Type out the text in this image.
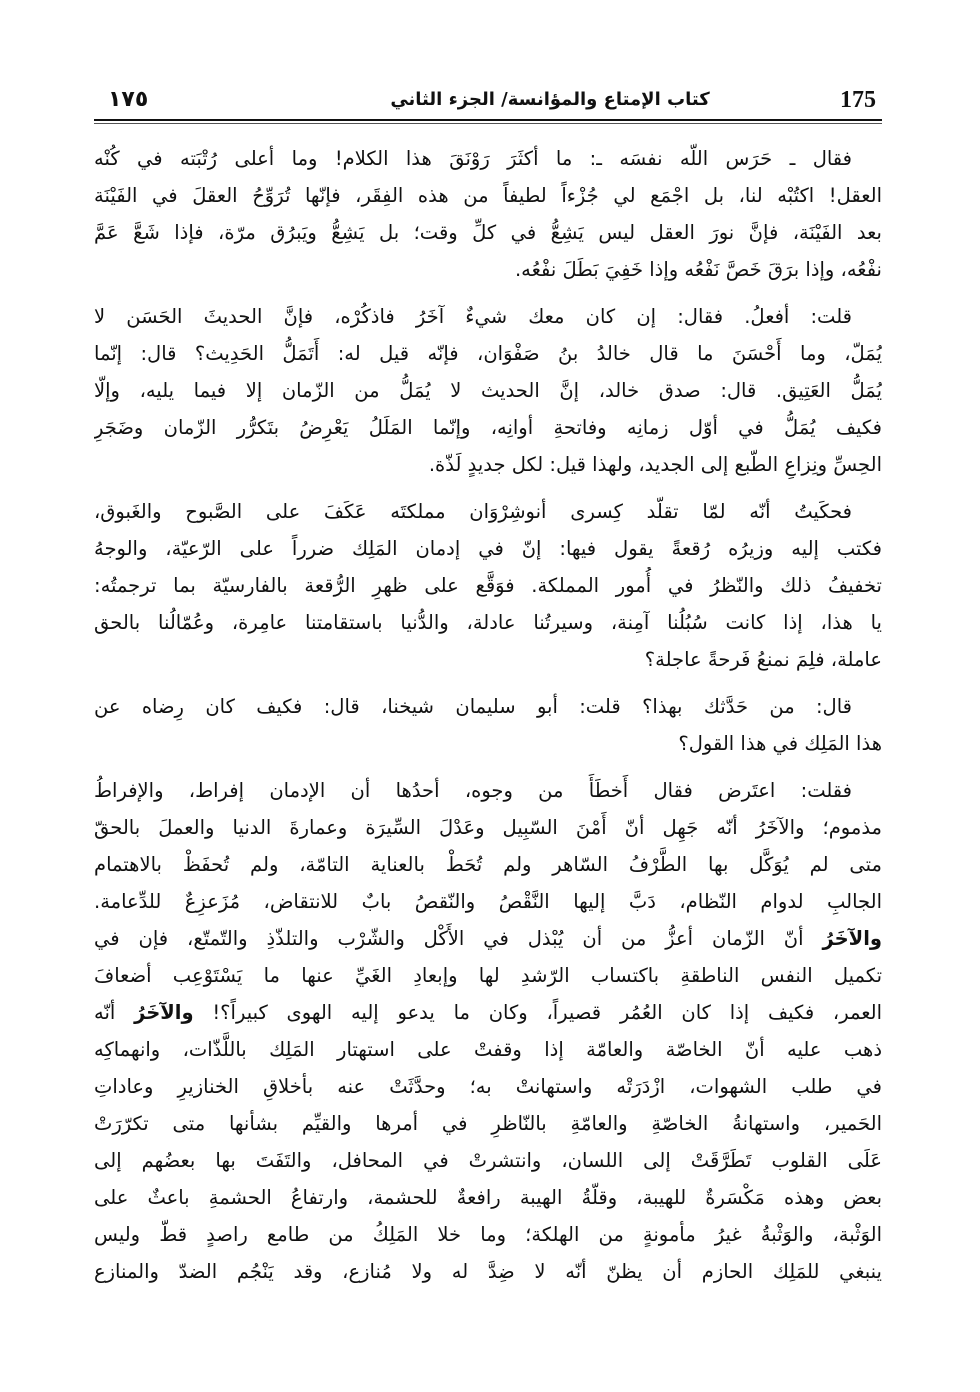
175
كتاب الإمتاع والمؤانسة/ الجزء الثاني
١٧٥
فقال ـ حَرَس اللّه نفسَه ـ: ما أكثَرَ رَوْنَقَ هذا الكلام! وما أعلى رُتْبَته في كُنْه
العقل! اكتُبْه لنا، بل اجْمَع لي جُزْءاً لطيفاً من هذه الفِقَر، فإنّها تُرَوِّحُ العقلَ في الفَيْنَة
بعد الفَيْنَة، فإنَّ نورَ العقل ليس يَشِعُّ في كلِّ وقت؛ بل يَشِعُّ ويَبرُق مرّة، فإذا شَعَّ عَمَّ
نفْعُه، وإذا برَقَ خَصَّ نَفْعُه وإذا خَفِيَ بَطَلَ نفْعُه.
قلت: أفعلُ. فقال: إن كان معك شيءٌ آخَرُ فاذكُرْه، فإنَّ الحديثَ الحَسَن لا
يُمَلّ، وما أَحْسَنَ ما قال خالدُ بنُ صَفْوَان، فإنّه قيل له: أَتَمَلُّ الحَدِيث؟ قال: إنّما
يُمَلُّ العَتِيق. قال: صدق خالد، إنَّ الحديث لا يُمَلُّ من الزّمان إلا فيما يليه، وإلّا
فكيف يُمَلُّ في أوّل زمانِه وفاتحةِ أوانِه، وإنّما المَلَلُ يَعْرِضُ بتَكرُّر الزّمان وضَجَرِ
الحِسِّ ونِزاعِ الطّبع إلى الجديد، ولهذا قيل: لكل جديدٍ لَذّة.
فحكَيتُ أنّه لمّا تقلّد كِسرى أنوشِرْوَان مملكتَه عَكَفَ على الصَّبوح والغَبوق،
فكتب إليه وزيرُه رُقعةً يقول فيها: إنّ في إدمان المَلِك ضرراً على الرّعيّة، والوجهُ
تخفيفُ ذلك والنّظرُ في أُمور المملكة. فوَقَّع على ظهرِ الرُّقعة بالفارسيّة بما ترجمتُه:
يا هذا، إذا كانت سُبُلُنا آمِنة، وسيرتُنا عادلة، والدُّنيا باستقامتنا عامِرة، وعُمّالُنا بالحق
عاملة، فلِمَ نمنعُ فَرحةً عاجلة؟
قال: من حَدَّثك بهذا؟ قلت: أبو سليمان شيخنا، قال: فكيف كان رِضاه عن
هذا المَلِك في هذا القول؟
فقلت: اعتَرض فقال أَخطَأَ من وجوه، أحدُها أن الإدمان إفراط، والإفراطُ
مذموم؛ والآخَرُ أنّه جَهِل أنّ أَمْنَ السّبِيل وعَدْلَ السِّيرَة وعمارةَ الدنيا والعملَ بالحقّ
متى لم يُوَكَّل بها الطَّرْفُ السّاهر ولم تُحَطْ بالعناية التامّة، ولم تُحفَظْ بالاهتمام
الجالبِ لدوام النّظام، دَبَّ إليها النَّقْصُ والنّقصُ بابٌ للانتقاض، مُزَعزِعٌ للدِّعامة.
والآخَرُ أنّ الزّمان أعزُّ من أن يُبْذل في الأَكْل والشّرْب والتلذّذِ والتّمتّع، فإن في
تكميل النفس الناطقةِ باكتساب الرّشدِ لها وإبعادِ الغَيِّ عنها ما يَسْتَوْعِب أضعافَ
العمر، فكيف إذا كان العُمُر قصيراً، وكان ما يدعو إليه الهوى كبيراً؟! والآخَرُ أنّه
ذهب عليه أنّ الخاصّة والعامّة إذا وقفتْ على استهتار المَلِك باللَّذّات، وانهماكِه
في طلب الشهوات، ازْدَرَتْه واستهانتْ به؛ وحدَّثَتْ عنه بأخلاقِ الخنازيرِ وعاداتِ
الحَمير، واستهانةُ الخاصّةِ والعامّةِ بالنّاظرِ في أمرها والقيِّم بشأنها متى تكرّرَتْ
عَلَى القلوب تَطَرَّقَتْ إلى اللسان، وانتشرتْ في المحافل، والتَفَتَ بها بعضُهم إلى
بعض وهذه مَكْسَرةٌ للهيبة، وقلّةُ الهيبة رافعةٌ للحشمة، وارتفاعُ الحشمةِ باعثٌ على
الوَثْبة، والوَثْبةُ غيرُ مأمونةٍ من الهلكة؛ وما خلا المَلِكُ من طامع راصدٍ قطّ وليس
ينبغي للمَلِك الحازم أن يظنّ أنّه لا ضِدَّ له ولا مُنازع، وقد يَنْجُم الضدّ والمنازع
